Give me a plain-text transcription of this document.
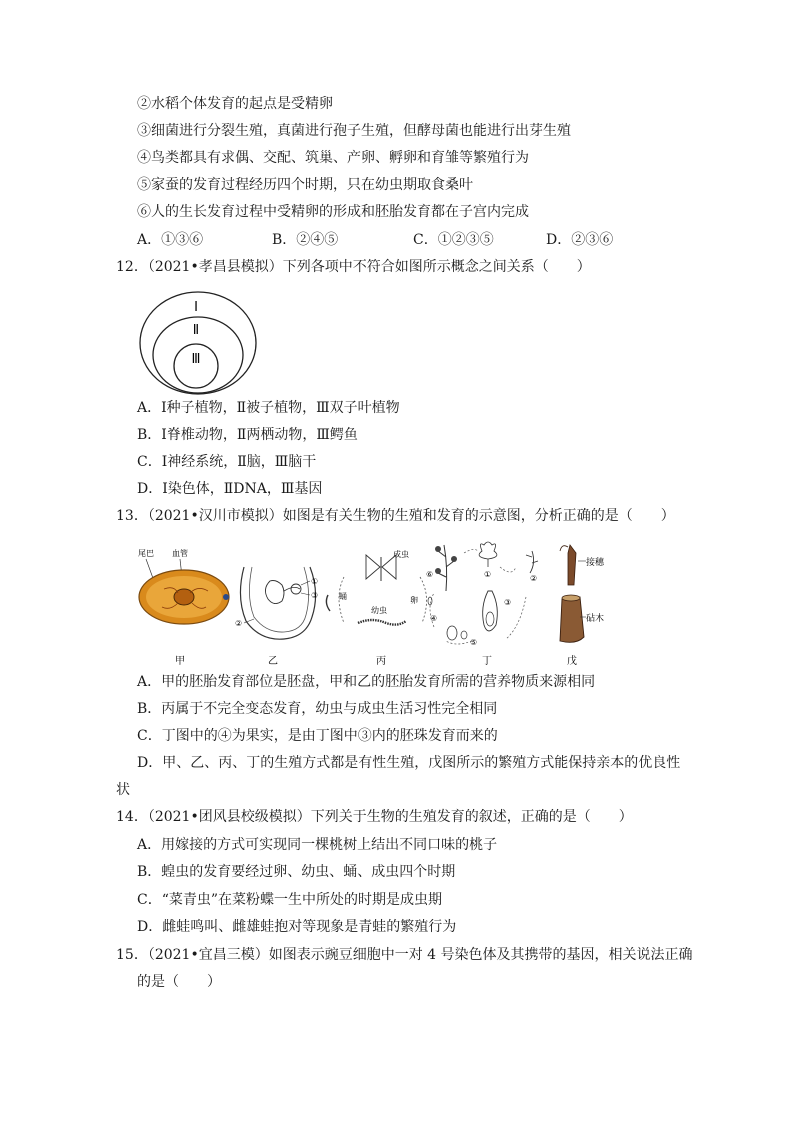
②水稻个体发育的起点是受精卵
③细菌进行分裂生殖，真菌进行孢子生殖，但酵母菌也能进行出芽生殖
④鸟类都具有求偶、交配、筑巢、产卵、孵卵和育雏等繁殖行为
⑤家蚕的发育过程经历四个时期，只在幼虫期取食桑叶
⑥人的生长发育过程中受精卵的形成和胚胎发育都在子宫内完成
A．①③⑥	B．②④⑤	C．①②③⑤	D．②③⑥
12．（2021•孝昌县模拟）下列各项中不符合如图所示概念之间关系（　　）
Ⅰ
Ⅱ
Ⅲ
A．Ⅰ种子植物，Ⅱ被子植物，Ⅲ双子叶植物
B．Ⅰ脊椎动物，Ⅱ两栖动物，Ⅲ鳄鱼
C．Ⅰ神经系统，Ⅱ脑，Ⅲ脑干
D．Ⅰ染色体，ⅡDNA，Ⅲ基因
13．（2021•汉川市模拟）如图是有关生物的生殖和发育的示意图，分析正确的是（　　）
尾巴 血管
甲
①
③
②
乙
成虫
卵
蛹
幼虫
丙
①	②
③
④
⑤
⑥
丁
接穗
砧木
戊
A．甲的胚胎发育部位是胚盘，甲和乙的胚胎发育所需的营养物质来源相同
B．丙属于不完全变态发育，幼虫与成虫生活习性完全相同
C．丁图中的④为果实，是由丁图中③内的胚珠发育而来的
D．甲、乙、丙、丁的生殖方式都是有性生殖，戊图所示的繁殖方式能保持亲本的优良性
状
14．（2021•团风县校级模拟）下列关于生物的生殖发育的叙述，正确的是（　　）
A．用嫁接的方式可实现同一棵桃树上结出不同口味的桃子
B．蝗虫的发育要经过卵、幼虫、蛹、成虫四个时期
C．“菜青虫”在菜粉蝶一生中所处的时期是成虫期
D．雌蛙鸣叫、雌雄蛙抱对等现象是青蛙的繁殖行为
15．（2021•宜昌三模）如图表示豌豆细胞中一对 4 号染色体及其携带的基因，相关说法正确
的是（　　）
